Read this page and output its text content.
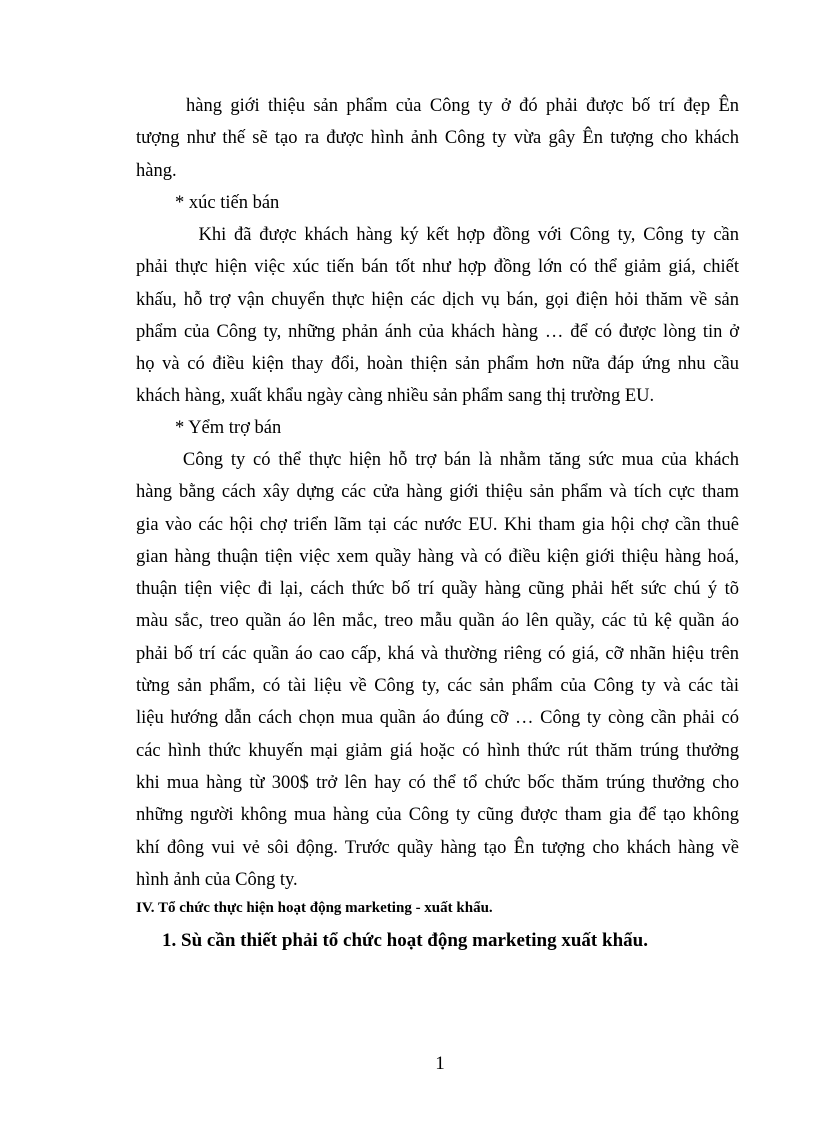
hàng giới thiệu sản phẩm của Công ty ở đó phải được bố trí đẹp Ên
tượng như thế sẽ tạo ra được hình ảnh Công ty vừa gây Ên tượng cho khách
hàng.
* xúc tiến bán
Khi đã được khách hàng ký kết hợp đồng với Công ty, Công ty cần
phải thực hiện việc xúc tiến bán tốt như hợp đồng lớn có thể giảm giá, chiết
khấu, hỗ trợ vận chuyển thực hiện các dịch vụ bán, gọi điện hỏi thăm về sản
phẩm của Công ty, những phản ánh của khách hàng … để có được lòng tin ở
họ và có điều kiện thay đổi, hoàn thiện sản phẩm hơn nữa đáp ứng nhu cầu
khách hàng, xuất khẩu ngày càng nhiều sản phẩm sang thị trường EU.
* Yểm trợ bán
Công ty có thể thực hiện hỗ trợ bán là nhằm tăng sức mua của khách
hàng bằng cách xây dựng các cửa hàng giới thiệu sản phẩm và tích cực tham
gia vào các hội chợ triển lãm tại các nước EU. Khi tham gia hội chợ cần thuê
gian hàng thuận tiện việc xem quầy hàng và có điều kiện giới thiệu hàng hoá,
thuận tiện việc đi lại, cách thức bố trí quầy hàng cũng phải hết sức chú ý tõ
màu sắc, treo quần áo lên mắc, treo mẫu quần áo lên quầy, các tủ kệ quần áo
phải bố trí các quần áo cao cấp, khá và thường riêng có giá, cỡ nhãn hiệu trên
từng sản phẩm, có tài liệu về Công ty, các sản phẩm của Công ty và các tài
liệu hướng dẫn cách chọn mua quần áo đúng cỡ … Công ty còng cần phải có
các hình thức khuyến mại giảm giá hoặc có hình thức rút thăm trúng thưởng
khi mua hàng từ 300$ trở lên hay có thể tổ chức bốc thăm trúng thưởng cho
những người không mua hàng của Công ty cũng được tham gia để tạo không
khí đông vui vẻ sôi động. Trước quầy hàng tạo Ên tượng cho khách hàng về
hình ảnh của Công ty.
IV. Tổ chức thực hiện hoạt động marketing - xuất khẩu.
1. Sù cần thiết phải tổ chức hoạt động marketing xuất khẩu.
1
